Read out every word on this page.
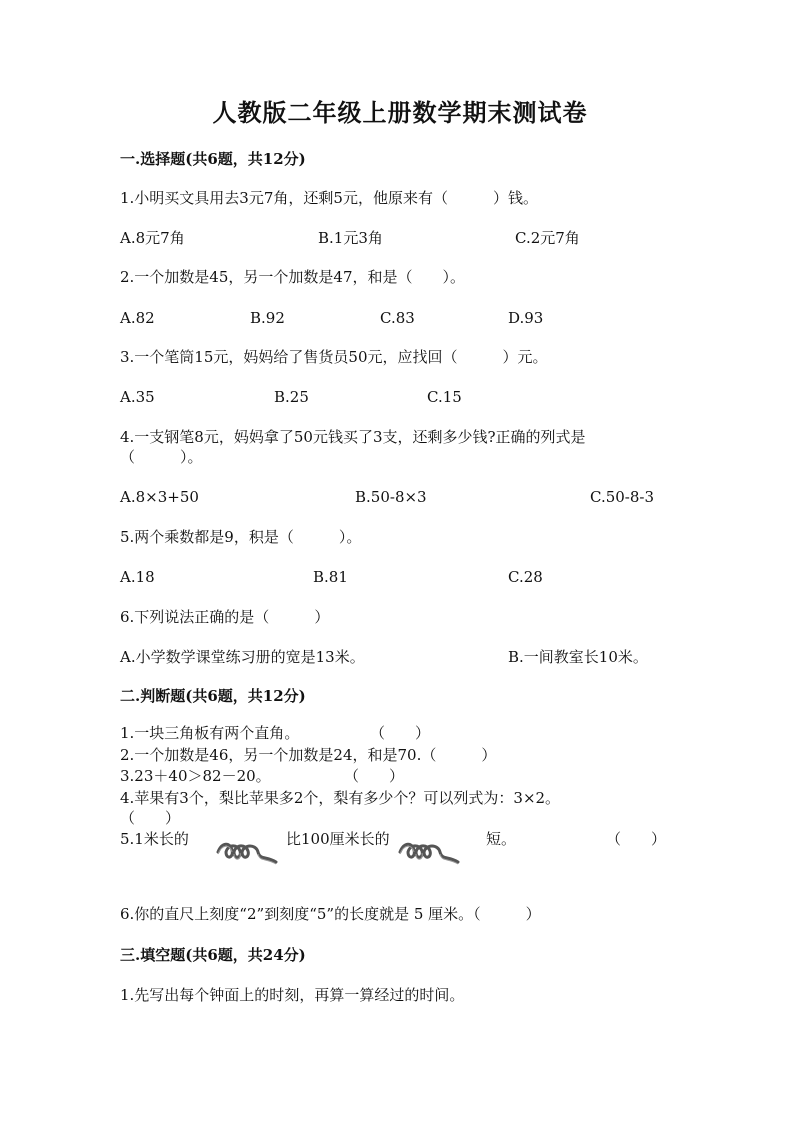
人教版二年级上册数学期末测试卷
一.选择题(共6题，共12分)
1.小明买文具用去3元7角，还剩5元，他原来有（　　　）钱。
A.8元7角	B.1元3角	C.2元7角
2.一个加数是45，另一个加数是47，和是（　　）。
A.82	B.92	C.83	D.93
3.一个笔筒15元，妈妈给了售货员50元，应找回（　　　）元。
A.35	B.25	C.15
4.一支钢笔8元，妈妈拿了50元钱买了3支，还剩多少钱?正确的列式是
（　　　）。
A.8×3+50	B.50-8×3	C.50-8-3
5.两个乘数都是9，积是（　　　）。
A.18	B.81	C.28
6.下列说法正确的是（　　　）
A.小学数学课堂练习册的宽是13米。	B.一间教室长10米。
二.判断题(共6题，共12分)
1.一块三角板有两个直角。	（　　）
2.一个加数是46，另一个加数是24，和是70.（　　　）
3.23＋40＞82－20。	（　　）
4.苹果有3个，梨比苹果多2个，梨有多少个？可以列式为：3×2。
（　　）
5.1米长的	比100厘米长的	短。	（　　）
6.你的直尺上刻度“2”到刻度“5”的长度就是 5 厘米。（　　　）
三.填空题(共6题，共24分)
1.先写出每个钟面上的时刻，再算一算经过的时间。
